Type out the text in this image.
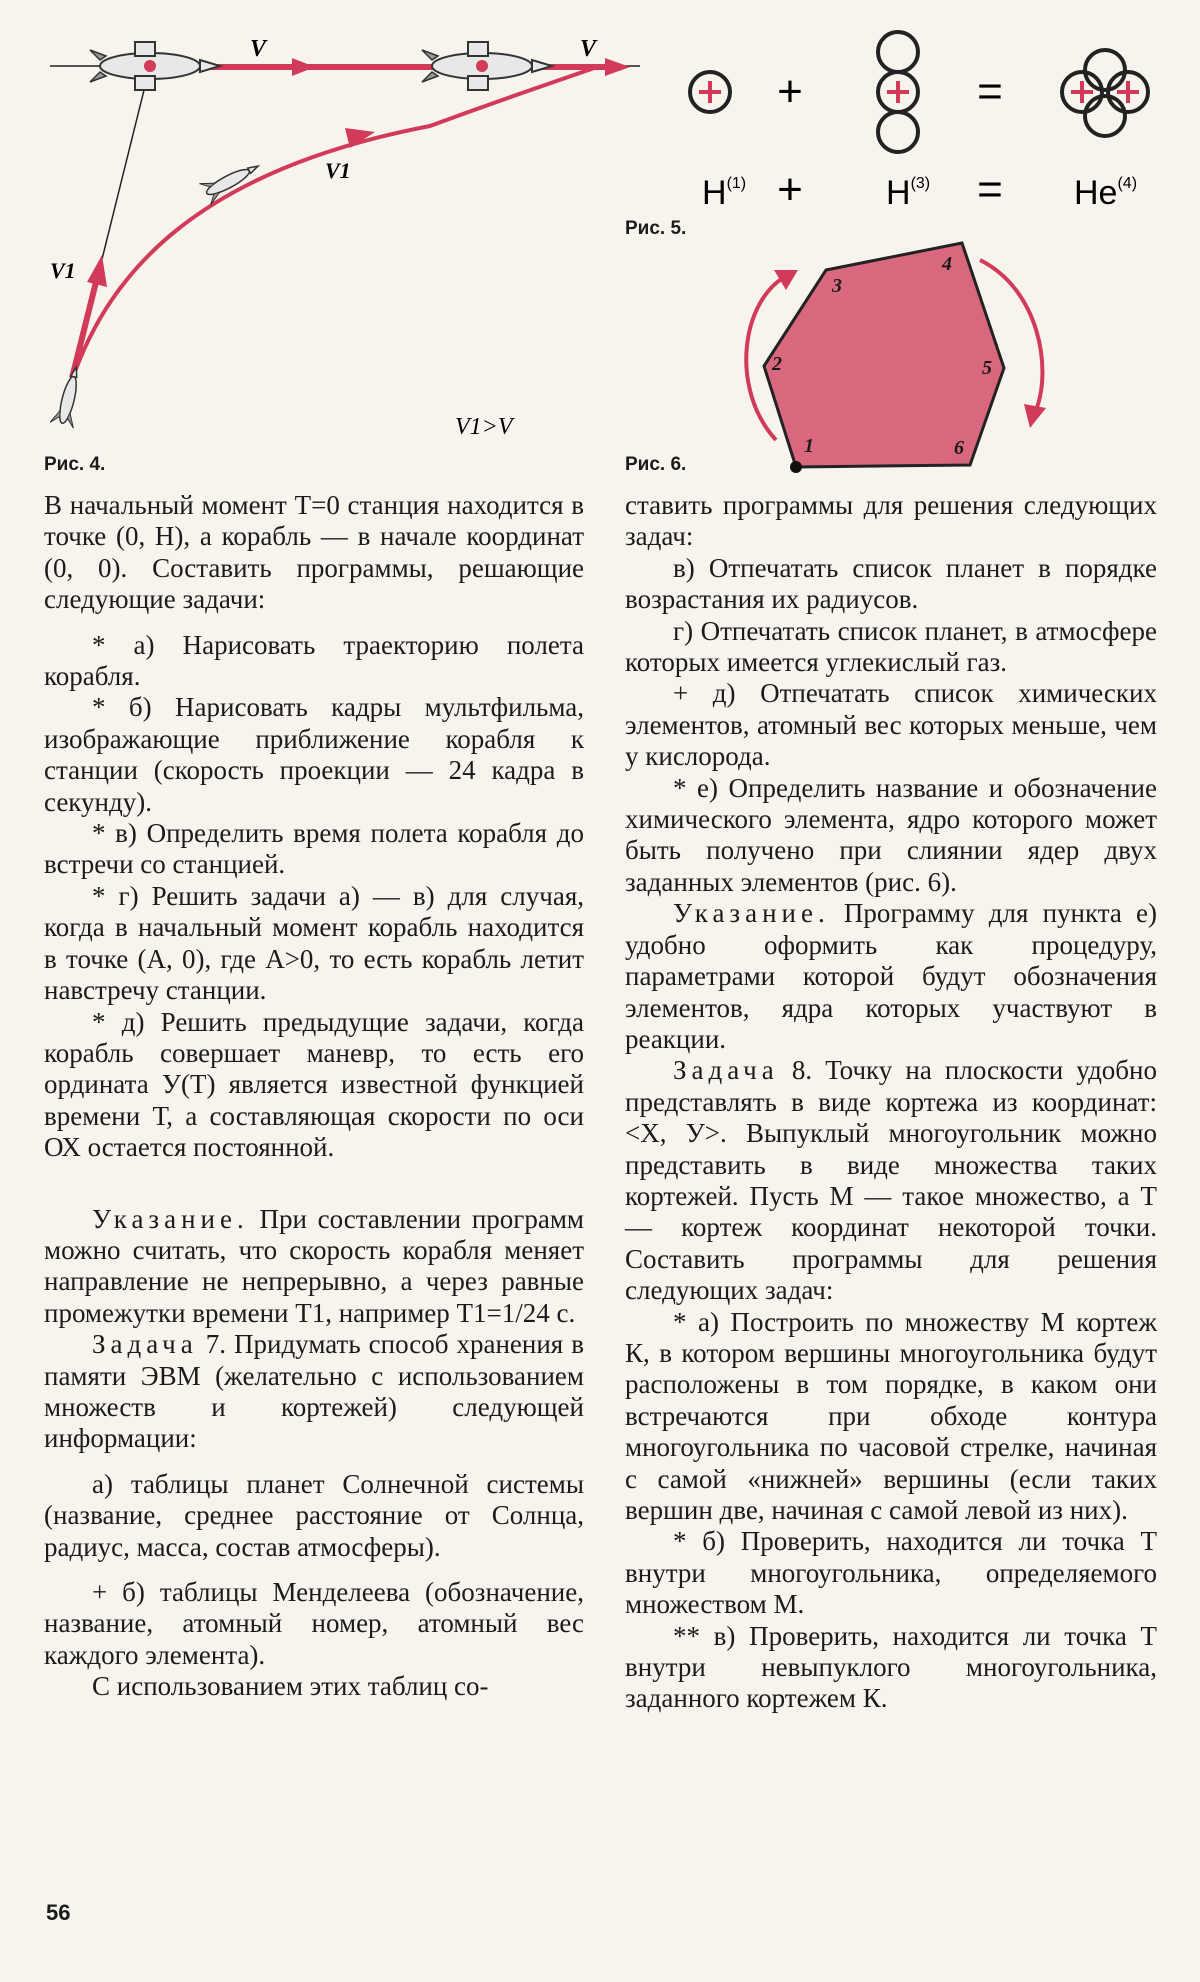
V	V
V1
V1
V1>V
Рис. 4.
+	=
$H^{(1)} + H^{(3)} = He^{(4)}$
Рис. 5.
1
2
3
4
5
6
Рис. 6.

В начальный момент Т=0 станция находится в точке (0, Н), а корабль — в начале координат (0, 0). Составить программы, решающие следующие задачи:

* а) Нарисовать траекторию полета корабля.

* б) Нарисовать кадры мультфильма, изображающие приближение корабля к станции (скорость проекции — 24 кадра в секунду).

* в) Определить время полета корабля до встречи со станцией.

* г) Решить задачи а) — в) для случая, когда в начальный момент корабль находится в точке (А, 0), где А>0, то есть корабль летит навстречу станции.

* д) Решить предыдущие задачи, когда корабль совершает маневр, то есть его ордината У(Т) является известной функцией времени Т, а составляющая скорости по оси ОХ остается постоянной.

Указание. При составлении программ можно считать, что скорость корабля меняет направление не непрерывно, а через равные промежутки времени Т1, например Т1=1/24 с.

Задача 7. Придумать способ хранения в памяти ЭВМ (желательно с использованием множеств и кортежей) следующей информации:

а) таблицы планет Солнечной системы (название, среднее расстояние от Солнца, радиус, масса, состав атмосферы).

+ б) таблицы Менделеева (обозначение, название, атомный номер, атомный вес каждого элемента).

С использованием этих таблиц со-

ставить программы для решения следующих задач:

в) Отпечатать список планет в порядке возрастания их радиусов.

г) Отпечатать список планет, в атмосфере которых имеется углекислый газ.

+ д) Отпечатать список химических элементов, атомный вес которых меньше, чем у кислорода.

* е) Определить название и обозначение химического элемента, ядро которого может быть получено при слиянии ядер двух заданных элементов (рис. 6).

Указание. Программу для пункта е) удобно оформить как процедуру, параметрами которой будут обозначения элементов, ядра которых участвуют в реакции.

Задача 8. Точку на плоскости удобно представлять в виде кортежа из координат: <Х, У>. Выпуклый многоугольник можно представить в виде множества таких кортежей. Пусть М — такое множество, а Т — кортеж координат некоторой точки. Составить программы для решения следующих задач:

* а) Построить по множеству М кортеж К, в котором вершины многоугольника будут расположены в том порядке, в каком они встречаются при обходе контура многоугольника по часовой стрелке, начиная с самой «нижней» вершины (если таких вершин две, начиная с самой левой из них).

* б) Проверить, находится ли точка Т внутри многоугольника, определяемого множеством М.

** в) Проверить, находится ли точка Т внутри невыпуклого многоугольника, заданного кортежем К.

56
